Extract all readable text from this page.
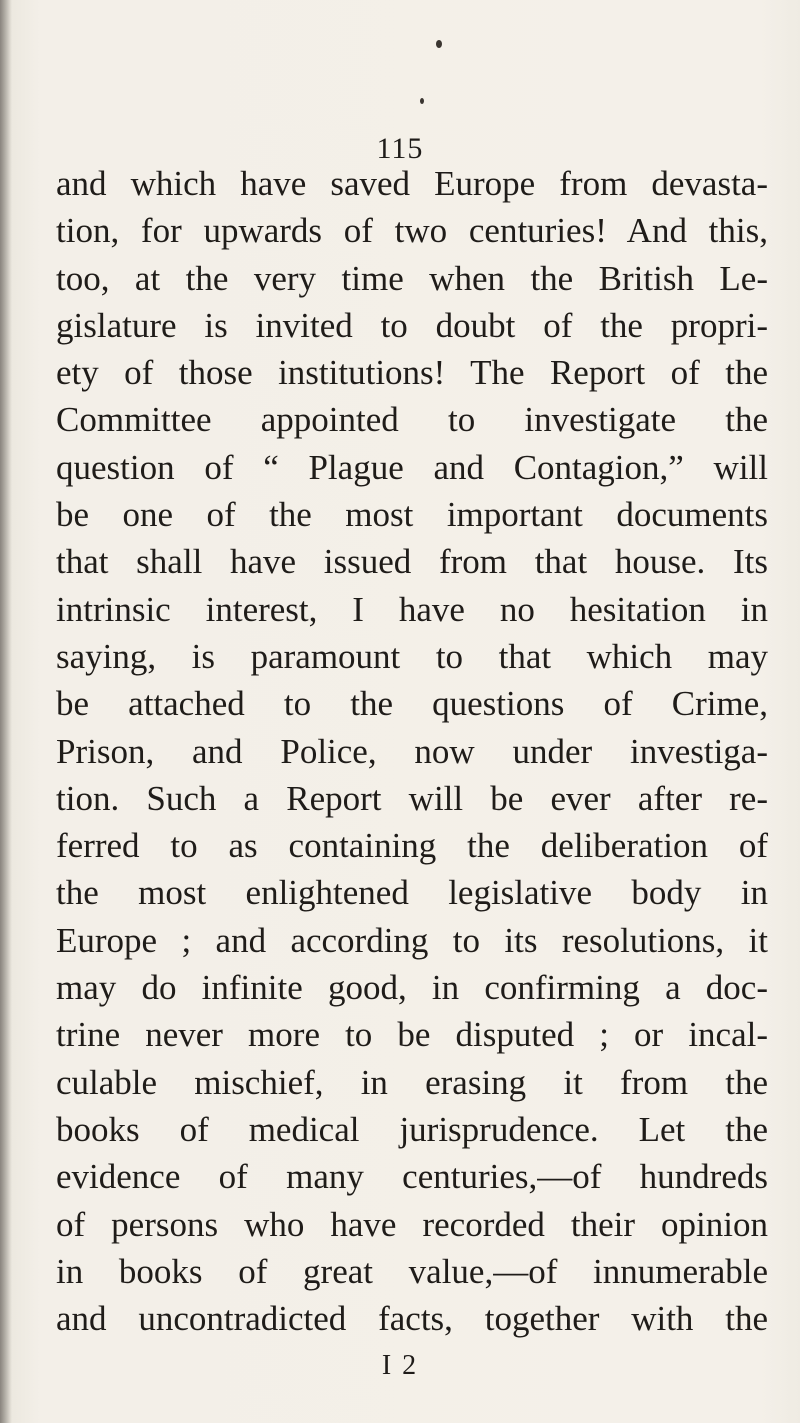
115
and which have saved Europe from devasta-
tion, for upwards of two centuries! And this,
too, at the very time when the British Le-
gislature is invited to doubt of the propri-
ety of those institutions! The Report of the
Committee appointed to investigate the
question of “ Plague and Contagion,” will
be one of the most important documents
that shall have issued from that house. Its
intrinsic interest, I have no hesitation in
saying, is paramount to that which may
be attached to the questions of Crime,
Prison, and Police, now under investiga-
tion. Such a Report will be ever after re-
ferred to as containing the deliberation of
the most enlightened legislative body in
Europe ; and according to its resolutions, it
may do infinite good, in confirming a doc-
trine never more to be disputed ; or incal-
culable mischief, in erasing it from the
books of medical jurisprudence. Let the
evidence of many centuries,—of hundreds
of persons who have recorded their opinion
in books of great value,—of innumerable
and uncontradicted facts, together with the
I 2
